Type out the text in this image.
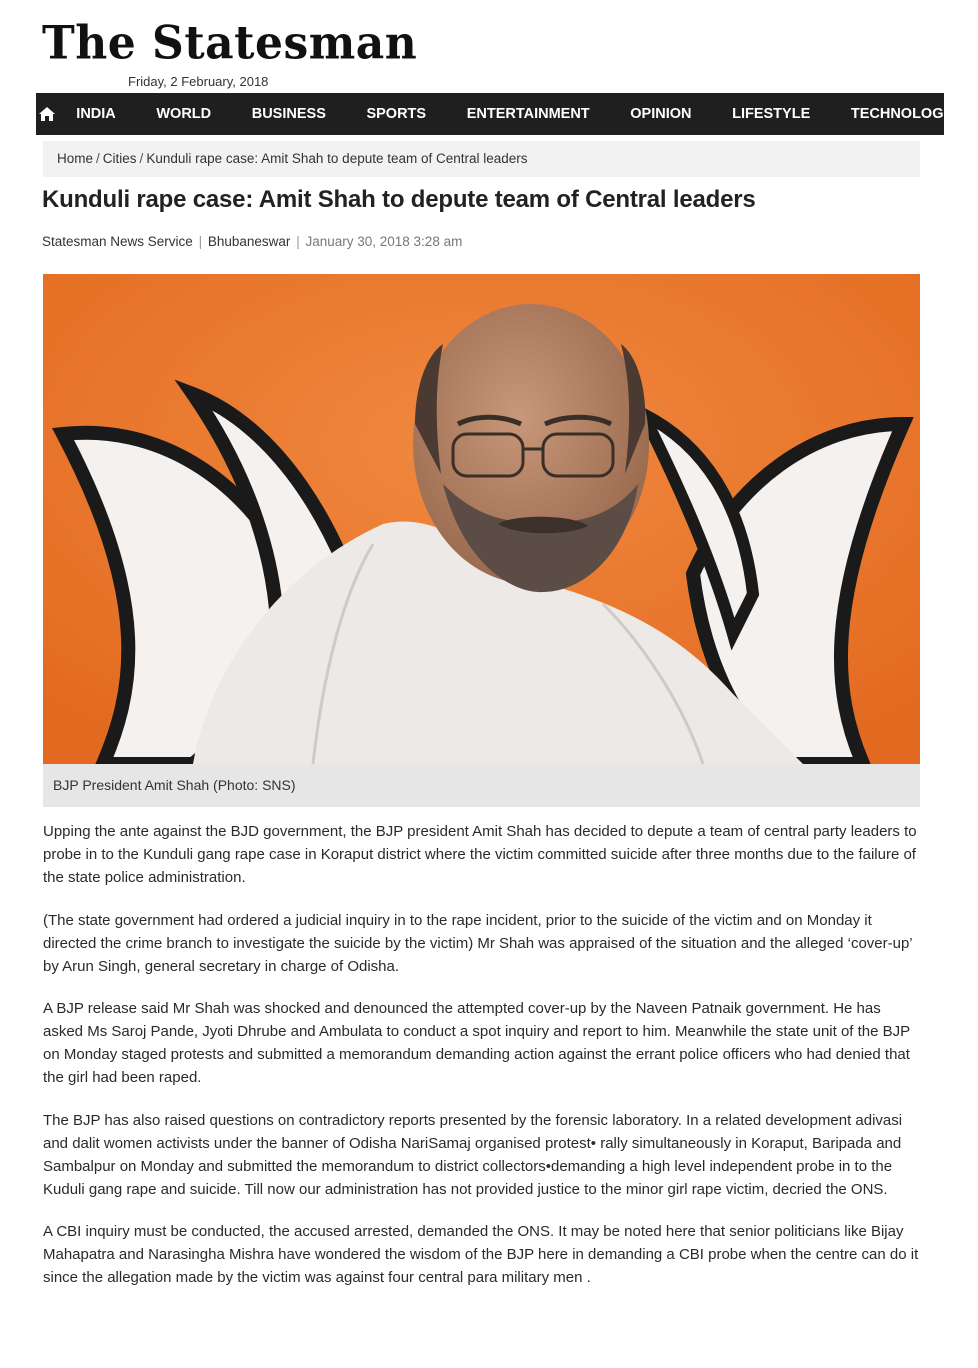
The Statesman
Friday, 2 February, 2018
INDIA	WORLD	BUSINESS	SPORTS	ENTERTAINMENT	OPINION	LIFESTYLE	TECHNOLOGY
Home / Cities / Kunduli rape case: Amit Shah to depute team of Central leaders
Kunduli rape case: Amit Shah to depute team of Central leaders
Statesman News Service | Bhubaneswar | January 30, 2018 3:28 am
BJP President Amit Shah (Photo: SNS)

Upping the ante against the BJD government, the BJP president Amit Shah has decided to depute a team of central party leaders to probe in to the Kunduli gang rape case in Koraput district where the victim committed suicide after three months due to the failure of the state police administration.

(The state government had ordered a judicial inquiry in to the rape incident, prior to the suicide of the victim and on Monday it directed the crime branch to investigate the suicide by the victim) Mr Shah was appraised of the situation and the alleged ‘cover-up’ by Arun Singh, general secretary in charge of Odisha.

A BJP release said Mr Shah was shocked and denounced the attempted cover-up by the Naveen Patnaik government. He has asked Ms Saroj Pande, Jyoti Dhrube and Ambulata to conduct a spot inquiry and report to him. Meanwhile the state unit of the BJP on Monday staged protests and submitted a memorandum demanding action against the errant police officers who had denied that the girl had been raped.

The BJP has also raised questions on contradictory reports presented by the forensic laboratory. In a related development adivasi and dalit women activists under the banner of Odisha NariSamaj organised protest• rally simultaneously in Koraput, Baripada and Sambalpur on Monday and submitted the memorandum to district collectors•demanding a high level independent probe in to the Kuduli gang rape and suicide. Till now our administration has not provided justice to the minor girl rape victim, decried the ONS.

A CBI inquiry must be conducted, the accused arrested, demanded the ONS. It may be noted here that senior politicians like Bijay Mahapatra and Narasingha Mishra have wondered the wisdom of the BJP here in demanding a CBI probe when the centre can do it since the allegation made by the victim was against four central para military men .
